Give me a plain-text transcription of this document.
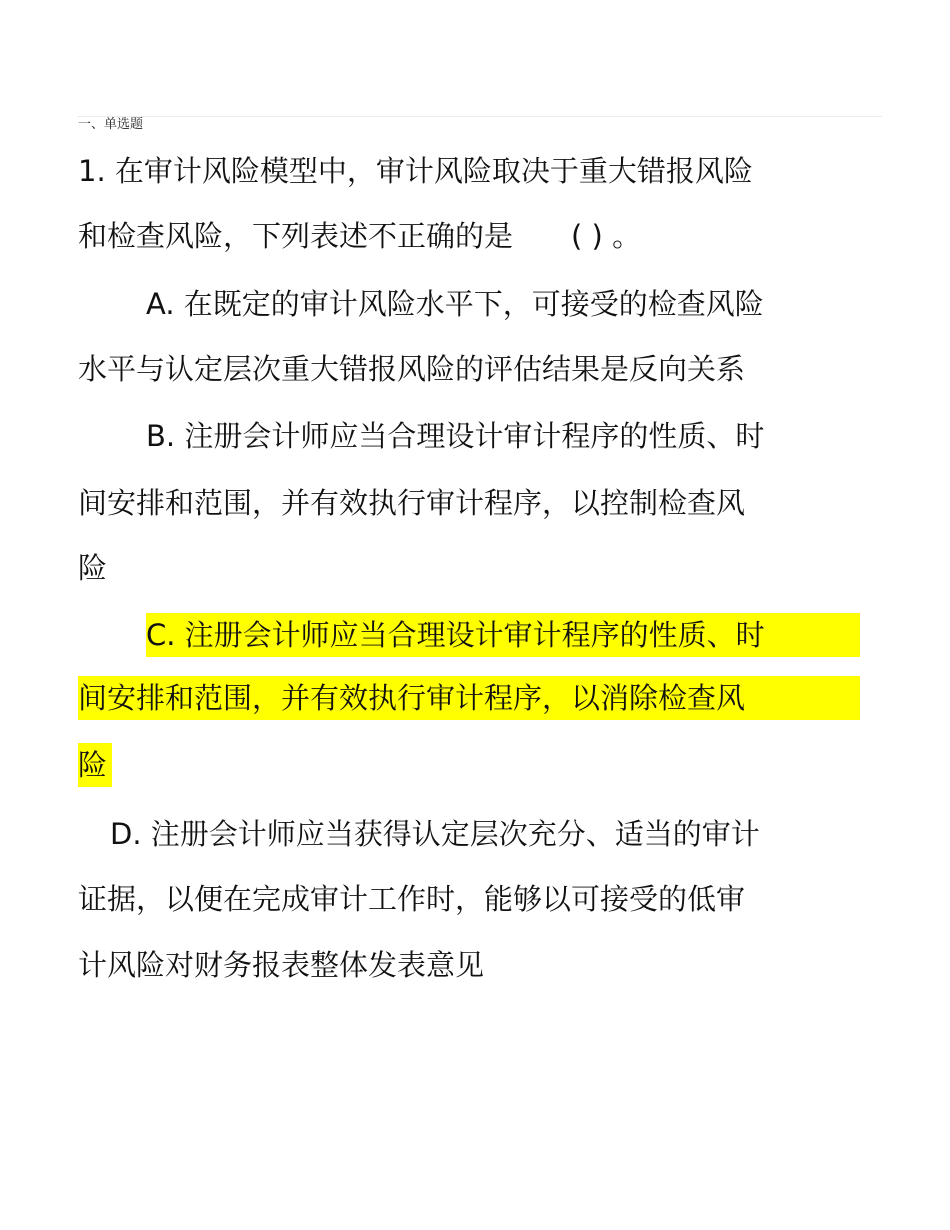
一、单选题
1. 在审计风险模型中，审计风险取决于重大错报风险
和检查风险，下列表述不正确的是　　( ) 。
A. 在既定的审计风险水平下，可接受的检查风险
水平与认定层次重大错报风险的评估结果是反向关系
B. 注册会计师应当合理设计审计程序的性质、时
间安排和范围，并有效执行审计程序，以控制检查风
险
C. 注册会计师应当合理设计审计程序的性质、时
间安排和范围，并有效执行审计程序，以消除检查风
险
D. 注册会计师应当获得认定层次充分、适当的审计
证据，以便在完成审计工作时，能够以可接受的低审
计风险对财务报表整体发表意见
